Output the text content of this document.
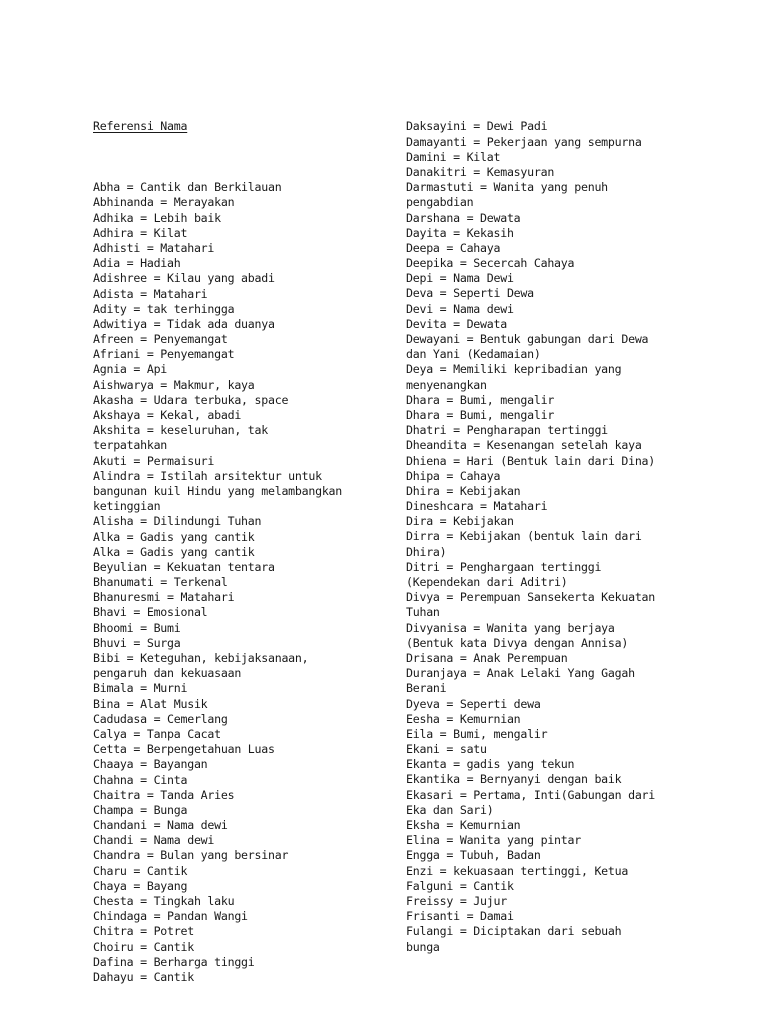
Referensi Nama

Abha = Cantik dan Berkilauan
Abhinanda = Merayakan
Adhika = Lebih baik
Adhira = Kilat
Adhisti = Matahari
Adia = Hadiah
Adishree = Kilau yang abadi
Adista = Matahari
Adity = tak terhingga
Adwitiya = Tidak ada duanya
Afreen = Penyemangat
Afriani = Penyemangat
Agnia = Api
Aishwarya = Makmur, kaya
Akasha = Udara terbuka, space
Akshaya = Kekal, abadi
Akshita = keseluruhan, tak
terpatahkan
Akuti = Permaisuri
Alindra = Istilah arsitektur untuk
bangunan kuil Hindu yang melambangkan
ketinggian
Alisha = Dilindungi Tuhan
Alka = Gadis yang cantik
Alka = Gadis yang cantik
Beyulian = Kekuatan tentara
Bhanumati = Terkenal
Bhanuresmi = Matahari
Bhavi = Emosional
Bhoomi = Bumi
Bhuvi = Surga
Bibi = Keteguhan, kebijaksanaan,
pengaruh dan kekuasaan
Bimala = Murni
Bina = Alat Musik
Cadudasa = Cemerlang
Calya = Tanpa Cacat
Cetta = Berpengetahuan Luas
Chaaya = Bayangan
Chahna = Cinta
Chaitra = Tanda Aries
Champa = Bunga
Chandani = Nama dewi
Chandi = Nama dewi
Chandra = Bulan yang bersinar
Charu = Cantik
Chaya = Bayang
Chesta = Tingkah laku
Chindaga = Pandan Wangi
Chitra = Potret
Choiru = Cantik
Dafina = Berharga tinggi
Dahayu = Cantik

Daksayini = Dewi Padi
Damayanti = Pekerjaan yang sempurna
Damini = Kilat
Danakitri = Kemasyuran
Darmastuti = Wanita yang penuh
pengabdian
Darshana = Dewata
Dayita = Kekasih
Deepa = Cahaya
Deepika = Secercah Cahaya
Depi = Nama Dewi
Deva = Seperti Dewa
Devi = Nama dewi
Devita = Dewata
Dewayani = Bentuk gabungan dari Dewa
dan Yani (Kedamaian)
Deya = Memiliki kepribadian yang
menyenangkan
Dhara = Bumi, mengalir
Dhara = Bumi, mengalir
Dhatri = Pengharapan tertinggi
Dheandita = Kesenangan setelah kaya
Dhiena = Hari (Bentuk lain dari Dina)
Dhipa = Cahaya
Dhira = Kebijakan
Dineshcara = Matahari
Dira = Kebijakan
Dirra = Kebijakan (bentuk lain dari
Dhira)
Ditri = Penghargaan tertinggi
(Kependekan dari Aditri)
Divya = Perempuan Sansekerta Kekuatan
Tuhan
Divyanisa = Wanita yang berjaya
(Bentuk kata Divya dengan Annisa)
Drisana = Anak Perempuan
Duranjaya = Anak Lelaki Yang Gagah
Berani
Dyeva = Seperti dewa
Eesha = Kemurnian
Eila = Bumi, mengalir
Ekani = satu
Ekanta = gadis yang tekun
Ekantika = Bernyanyi dengan baik
Ekasari = Pertama, Inti(Gabungan dari
Eka dan Sari)
Eksha = Kemurnian
Elina = Wanita yang pintar
Engga = Tubuh, Badan
Enzi = kekuasaan tertinggi, Ketua
Falguni = Cantik
Freissy = Jujur
Frisanti = Damai
Fulangi = Diciptakan dari sebuah
bunga
